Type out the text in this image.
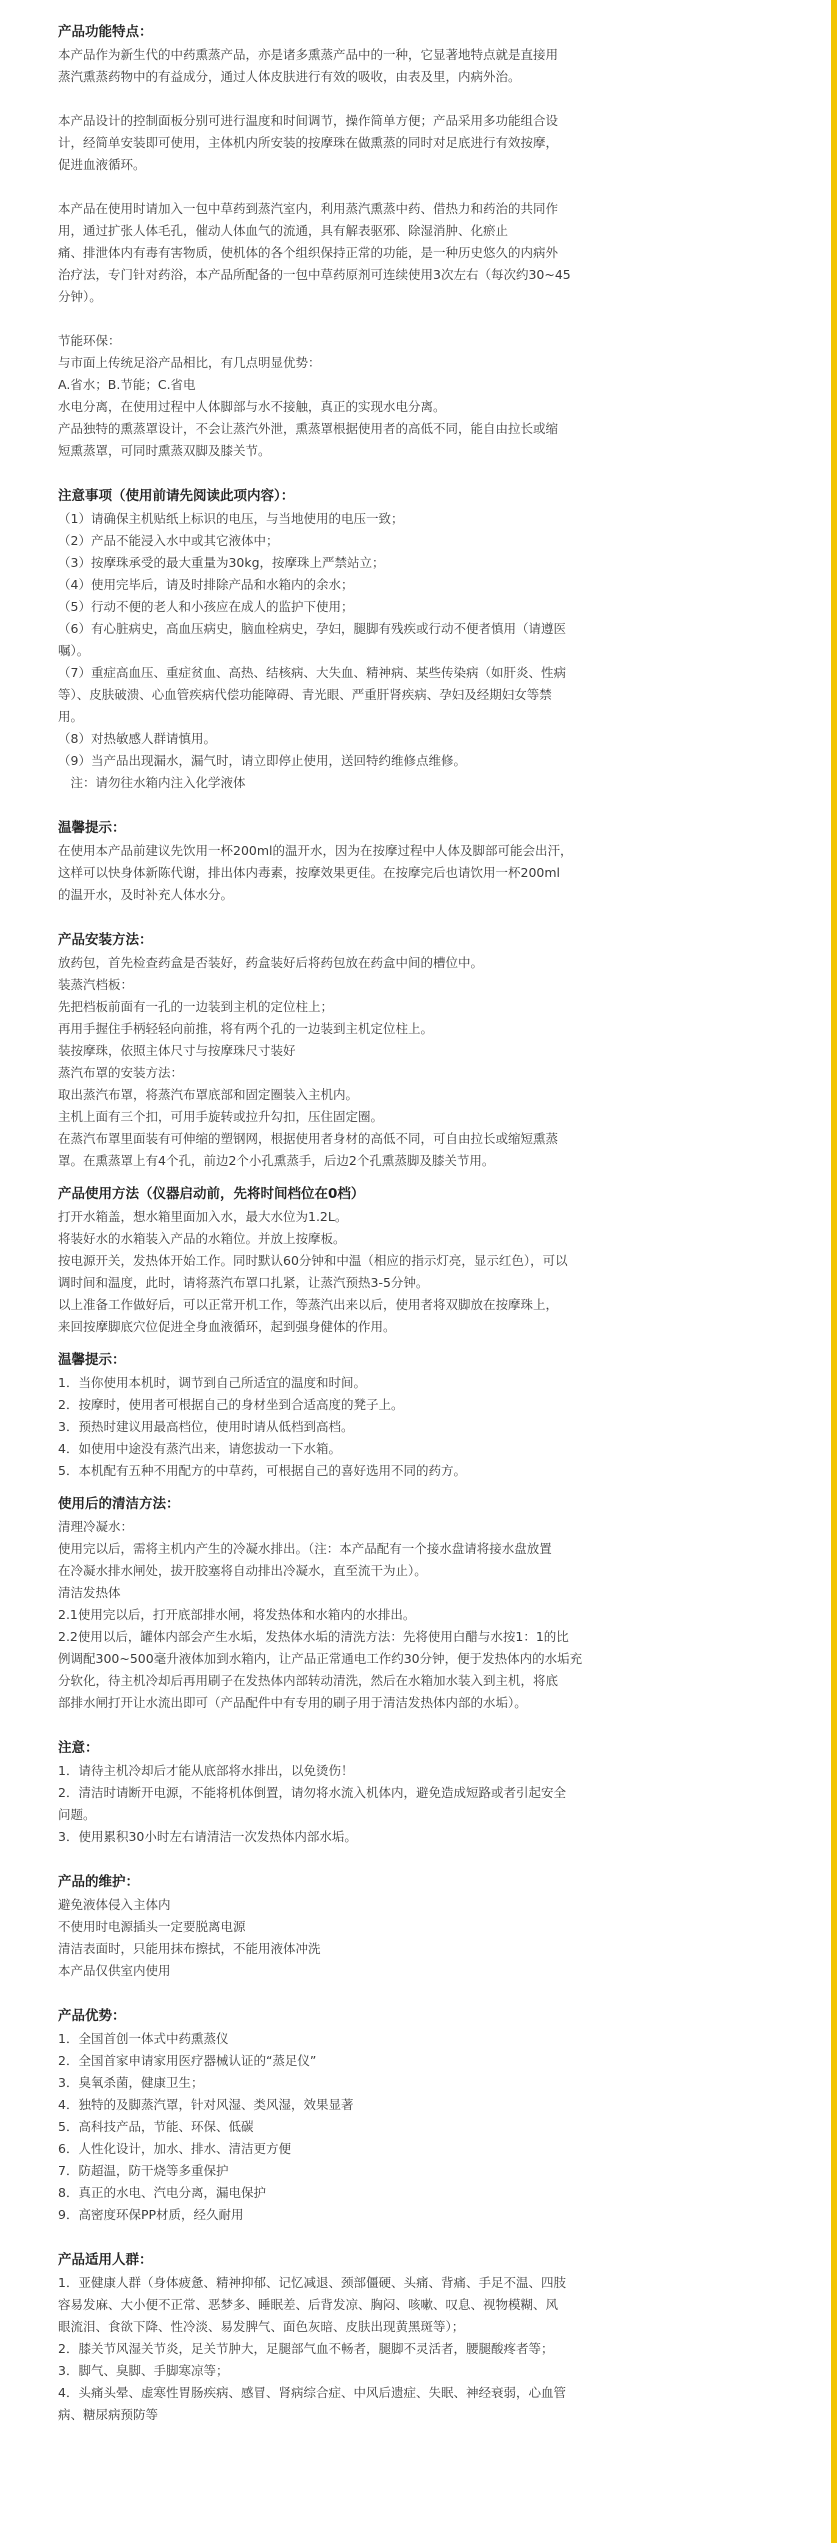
产品功能特点：

本产品作为新生代的中药熏蒸产品，亦是诸多熏蒸产品中的一种，它显著地特点就是直接用

蒸汽熏蒸药物中的有益成分，通过人体皮肤进行有效的吸收，由表及里，内病外治。

本产品设计的控制面板分别可进行温度和时间调节，操作简单方便；产品采用多功能组合设

计，经简单安装即可使用，主体机内所安装的按摩珠在做熏蒸的同时对足底进行有效按摩，

促进血液循环。

本产品在使用时请加入一包中草药到蒸汽室内，利用蒸汽熏蒸中药、借热力和药治的共同作

用，通过扩张人体毛孔，催动人体血气的流通，具有解表驱邪、除湿消肿、化瘀止

痛、排泄体内有毒有害物质，使机体的各个组织保持正常的功能，是一种历史悠久的内病外

治疗法，专门针对药浴，本产品所配备的一包中草药原剂可连续使用3次左右（每次约30~45

分钟）。

节能环保：

与市面上传统足浴产品相比，有几点明显优势：

A.省水；B.节能；C.省电

水电分离，在使用过程中人体脚部与水不接触，真正的实现水电分离。

产品独特的熏蒸罩设计，不会让蒸汽外泄，熏蒸罩根据使用者的高低不同，能自由拉长或缩

短熏蒸罩，可同时熏蒸双脚及膝关节。

注意事项（使用前请先阅读此项内容）：

（1）请确保主机贴纸上标识的电压，与当地使用的电压一致；

（2）产品不能浸入水中或其它液体中；

（3）按摩珠承受的最大重量为30kg，按摩珠上严禁站立；

（4）使用完毕后，请及时排除产品和水箱内的余水；

（5）行动不便的老人和小孩应在成人的监护下使用；

（6）有心脏病史，高血压病史，脑血栓病史，孕妇，腿脚有残疾或行动不便者慎用（请遵医

嘱）。

（7）重症高血压、重症贫血、高热、结核病、大失血、精神病、某些传染病（如肝炎、性病

等）、皮肤破溃、心血管疾病代偿功能障碍、青光眼、严重肝肾疾病、孕妇及经期妇女等禁

用。

（8）对热敏感人群请慎用。

（9）当产品出现漏水，漏气时，请立即停止使用，送回特约维修点维修。

　注：请勿往水箱内注入化学液体

温馨提示：

在使用本产品前建议先饮用一杯200ml的温开水，因为在按摩过程中人体及脚部可能会出汗，

这样可以快身体新陈代谢，排出体内毒素，按摩效果更佳。在按摩完后也请饮用一杯200ml

的温开水，及时补充人体水分。

产品安装方法：

放药包，首先检查药盒是否装好，药盒装好后将药包放在药盒中间的槽位中。

装蒸汽档板：

先把档板前面有一孔的一边装到主机的定位柱上；

再用手握住手柄轻轻向前推，将有两个孔的一边装到主机定位柱上。

装按摩珠，依照主体尺寸与按摩珠尺寸装好

蒸汽布罩的安装方法：

取出蒸汽布罩，将蒸汽布罩底部和固定圈装入主机内。

主机上面有三个扣，可用手旋转或拉升勾扣，压住固定圈。

在蒸汽布罩里面装有可伸缩的塑钢网，根据使用者身材的高低不同，可自由拉长或缩短熏蒸

罩。在熏蒸罩上有4个孔，前边2个小孔熏蒸手，后边2个孔熏蒸脚及膝关节用。

产品使用方法（仪器启动前，先将时间档位在0档）

打开水箱盖，想水箱里面加入水，最大水位为1.2L。

将装好水的水箱装入产品的水箱位。并放上按摩板。

按电源开关，发热体开始工作。同时默认60分钟和中温（相应的指示灯亮，显示红色），可以

调时间和温度，此时，请将蒸汽布罩口扎紧，让蒸汽预热3-5分钟。

以上准备工作做好后，可以正常开机工作，等蒸汽出来以后，使用者将双脚放在按摩珠上，

来回按摩脚底穴位促进全身血液循环，起到强身健体的作用。

温馨提示：

1．当你使用本机时，调节到自己所适宜的温度和时间。

2．按摩时，使用者可根据自己的身材坐到合适高度的凳子上。

3．预热时建议用最高档位，使用时请从低档到高档。

4．如使用中途没有蒸汽出来，请您拔动一下水箱。

5．本机配有五种不用配方的中草药，可根据自己的喜好选用不同的药方。

使用后的清洁方法：

清理冷凝水：

使用完以后，需将主机内产生的冷凝水排出。（注：本产品配有一个接水盘请将接水盘放置

在冷凝水排水闸处，拔开胶塞将自动排出冷凝水，直至流干为止）。

清洁发热体

2.1使用完以后，打开底部排水闸，将发热体和水箱内的水排出。

2.2使用以后，罐体内部会产生水垢，发热体水垢的清洗方法：先将使用白醋与水按1：1的比

例调配300~500毫升液体加到水箱内，让产品正常通电工作约30分钟，便于发热体内的水垢充

分软化，待主机冷却后再用刷子在发热体内部转动清洗，然后在水箱加水装入到主机，将底

部排水闸打开让水流出即可（产品配件中有专用的刷子用于清洁发热体内部的水垢）。

注意：

1．请待主机冷却后才能从底部将水排出，以免烫伤！

2．清洁时请断开电源，不能将机体倒置，请勿将水流入机体内，避免造成短路或者引起安全

问题。

3．使用累积30小时左右请清洁一次发热体内部水垢。

产品的维护：

避免液体侵入主体内

不使用时电源插头一定要脱离电源

清洁表面时，只能用抹布擦拭，不能用液体冲洗

本产品仅供室内使用

产品优势：

1．全国首创一体式中药熏蒸仪

2．全国首家申请家用医疗器械认证的“蒸足仪”

3．臭氧杀菌，健康卫生；

4．独特的及脚蒸汽罩，针对风湿、类风湿，效果显著

5．高科技产品，节能、环保、低碳

6．人性化设计，加水、排水、清洁更方便

7．防超温，防干烧等多重保护

8．真正的水电、汽电分离，漏电保护

9．高密度环保PP材质，经久耐用

产品适用人群：

1．亚健康人群（身体疲惫、精神抑郁、记忆减退、颈部僵硬、头痛、背痛、手足不温、四肢

容易发麻、大小便不正常、恶梦多、睡眠差、后背发凉、胸闷、咳嗽、叹息、视物模糊、风

眼流泪、食欲下降、性冷淡、易发脾气、面色灰暗、皮肤出现黄黑斑等）；

2．膝关节风湿关节炎，足关节肿大，足腿部气血不畅者，腿脚不灵活者，腰腿酸疼者等；

3．脚气、臭脚、手脚寒凉等；

4．头痛头晕、虚寒性胃肠疾病、感冒、肾病综合症、中风后遗症、失眠、神经衰弱，心血管

病、糖尿病预防等
